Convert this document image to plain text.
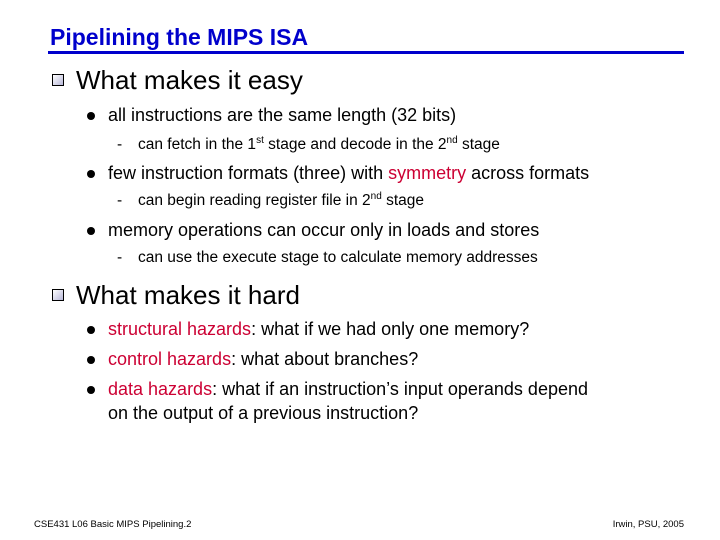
Pipelining the MIPS ISA
What makes it easy
all instructions are the same length (32 bits)
- can fetch in the 1st stage and decode in the 2nd stage
few instruction formats (three) with symmetry across formats
- can begin reading register file in 2nd stage
memory operations can occur only in loads and stores
- can use the execute stage to calculate memory addresses
What makes it hard
structural hazards: what if we had only one memory?
control hazards: what about branches?
data hazards: what if an instruction’s input operands depend
on the output of a previous instruction?
CSE431 L06 Basic MIPS Pipelining.2	Irwin, PSU, 2005
